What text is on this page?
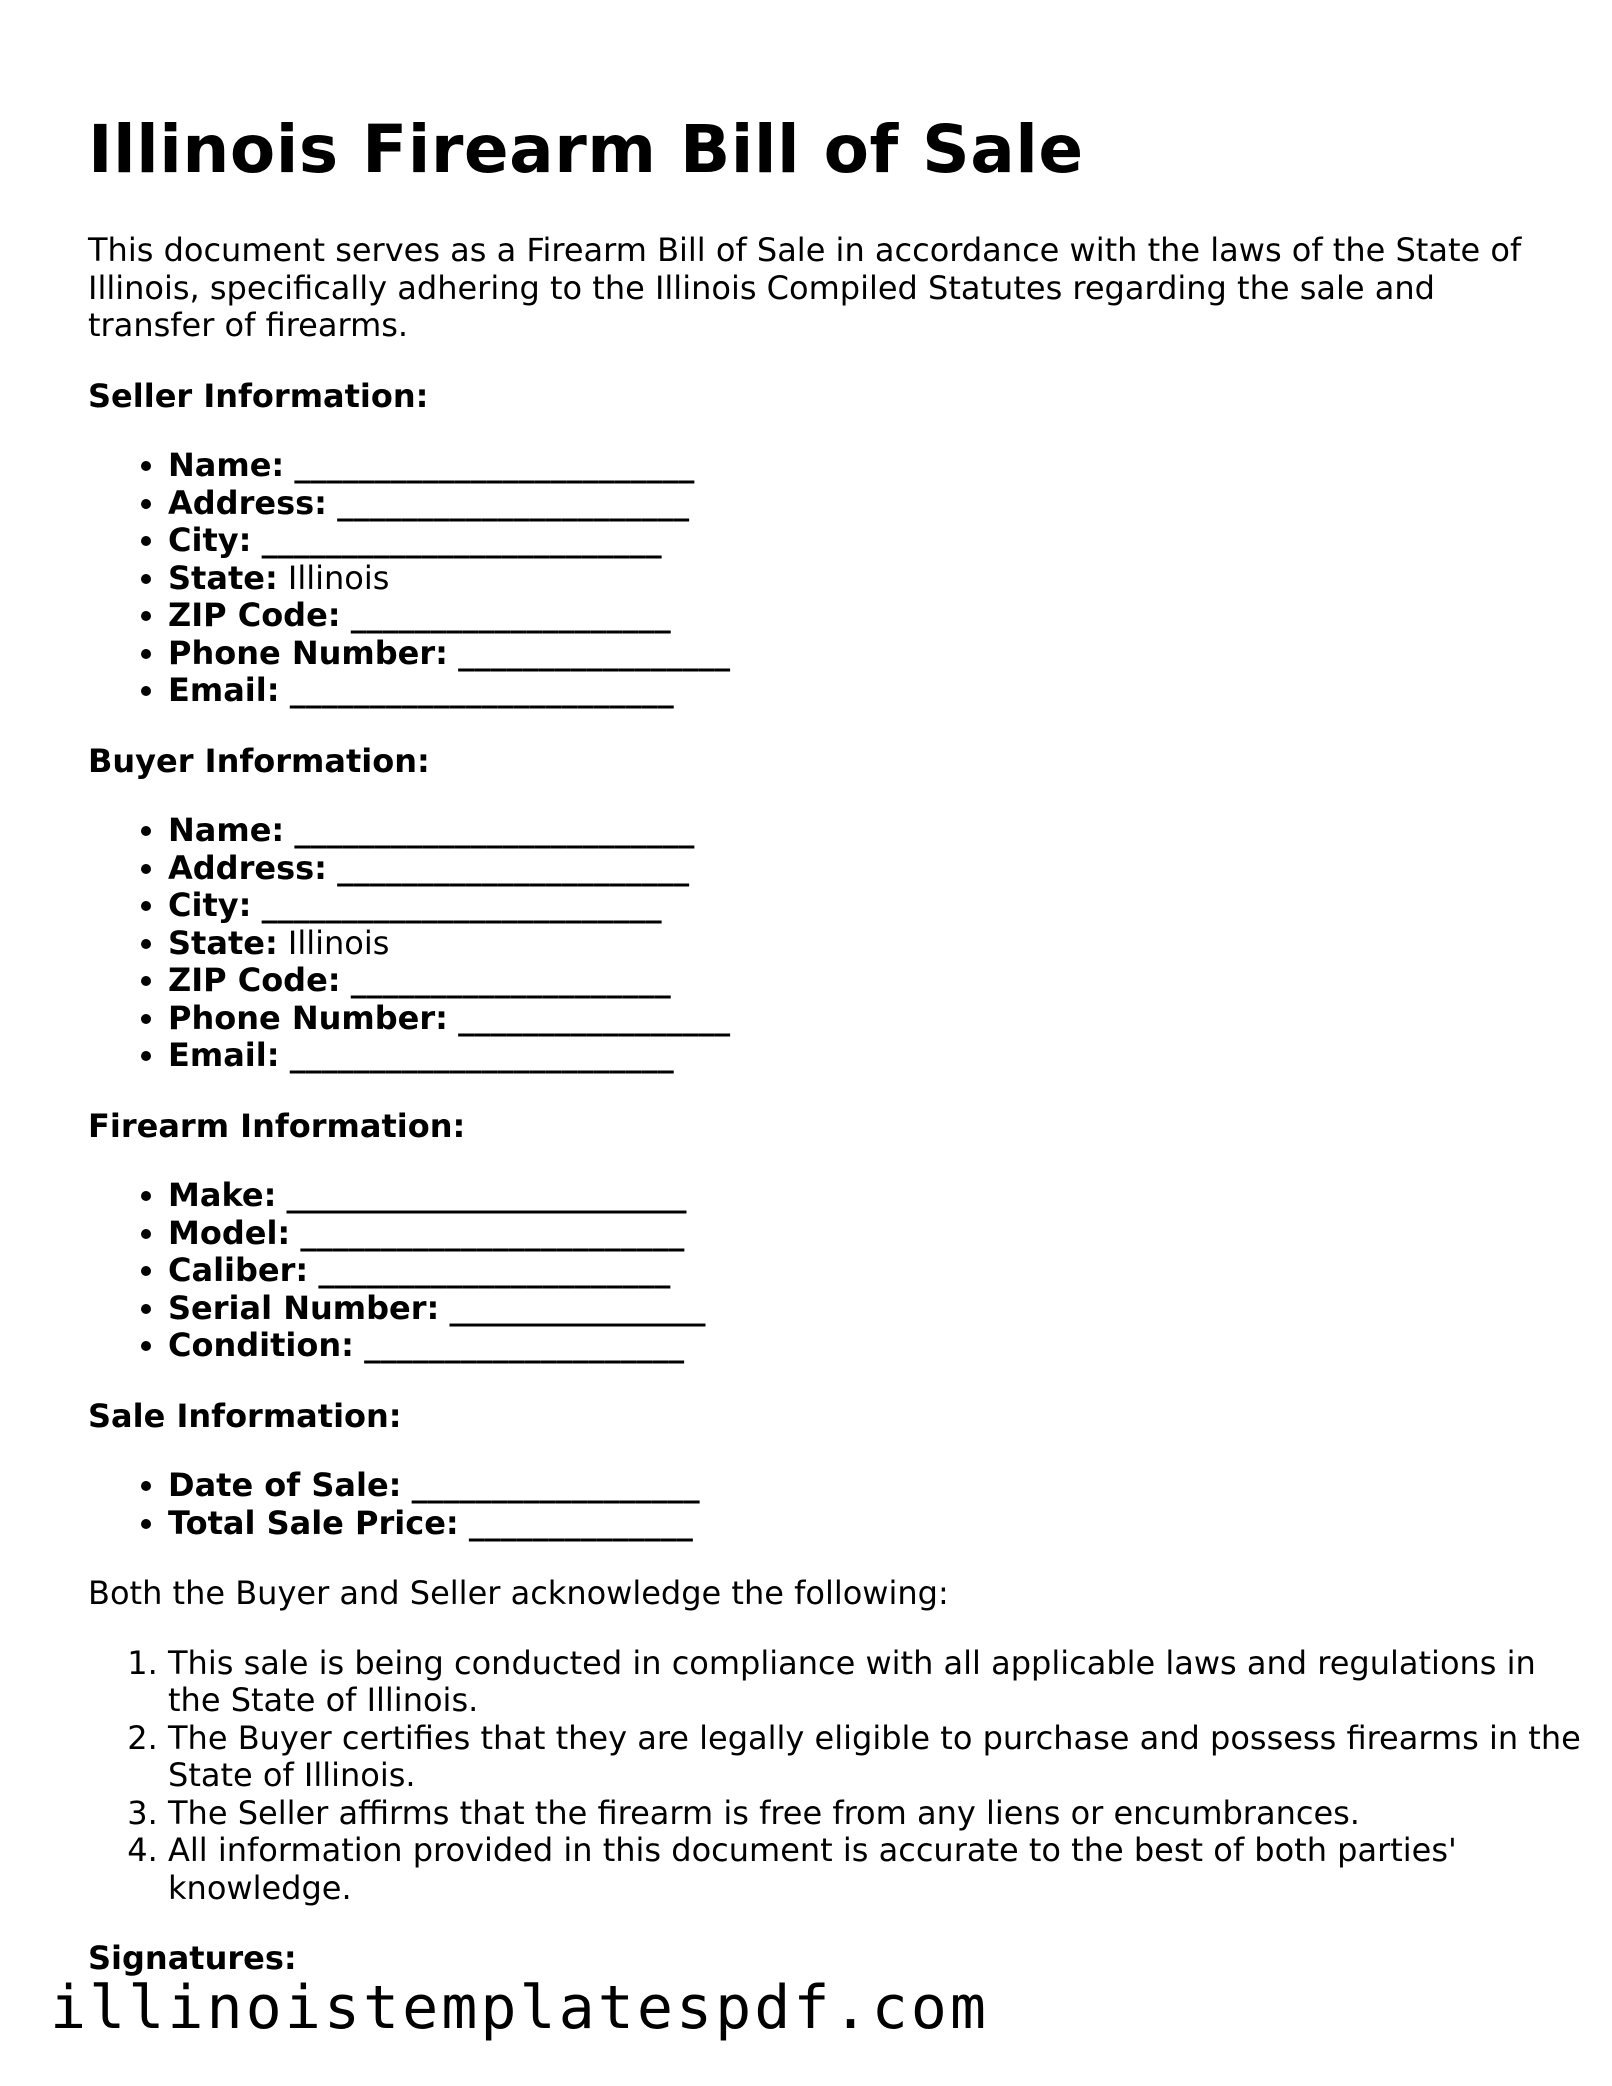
Illinois Firearm Bill of Sale

This document serves as a Firearm Bill of Sale in accordance with the laws of the State of Illinois, specifically adhering to the Illinois Compiled Statutes regarding the sale and transfer of firearms.

Seller Information:
• Name: _________________________
• Address: ______________________
• City: _________________________
• State: Illinois
• ZIP Code: ____________________
• Phone Number: _________________
• Email: ________________________
Buyer Information:
• Name: _________________________
• Address: ______________________
• City: _________________________
• State: Illinois
• ZIP Code: ____________________
• Phone Number: _________________
• Email: ________________________
Firearm Information:
• Make: _________________________
• Model: ________________________
• Caliber: ______________________
• Serial Number: ________________
• Condition: ____________________
Sale Information:
• Date of Sale: __________________
• Total Sale Price: ______________

Both the Buyer and Seller acknowledge the following:

1. This sale is being conducted in compliance with all applicable laws and regulations in the State of Illinois.
2. The Buyer certifies that they are legally eligible to purchase and possess firearms in the State of Illinois.
3. The Seller affirms that the firearm is free from any liens or encumbrances.
4. All information provided in this document is accurate to the best of both parties' knowledge.
Signatures:
illinoistemplatespdf.com
